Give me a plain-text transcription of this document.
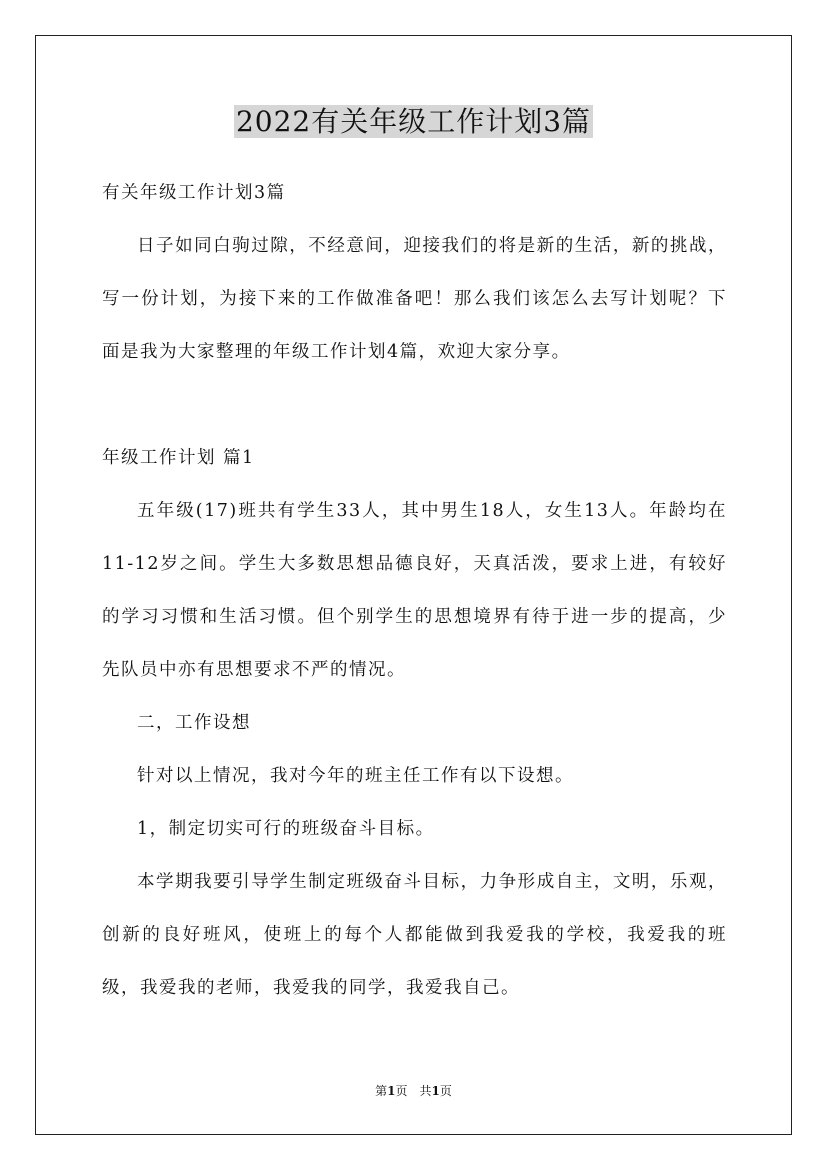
2022有关年级工作计划3篇

有关年级工作计划3篇

日子如同白驹过隙，不经意间，迎接我们的将是新的生活，新的挑战，写一份计划，为接下来的工作做准备吧！那么我们该怎么去写计划呢？下面是我为大家整理的年级工作计划4篇，欢迎大家分享。

年级工作计划 篇1

五年级(17)班共有学生33人，其中男生18人，女生13人。年龄均在11-12岁之间。学生大多数思想品德良好，天真活泼，要求上进，有较好的学习习惯和生活习惯。但个别学生的思想境界有待于进一步的提高，少先队员中亦有思想要求不严的情况。

二，工作设想

针对以上情况，我对今年的班主任工作有以下设想。

1，制定切实可行的班级奋斗目标。

本学期我要引导学生制定班级奋斗目标，力争形成自主，文明，乐观，创新的良好班风，使班上的每个人都能做到我爱我的学校，我爱我的班级，我爱我的老师，我爱我的同学，我爱我自己。

第1页　共1页
